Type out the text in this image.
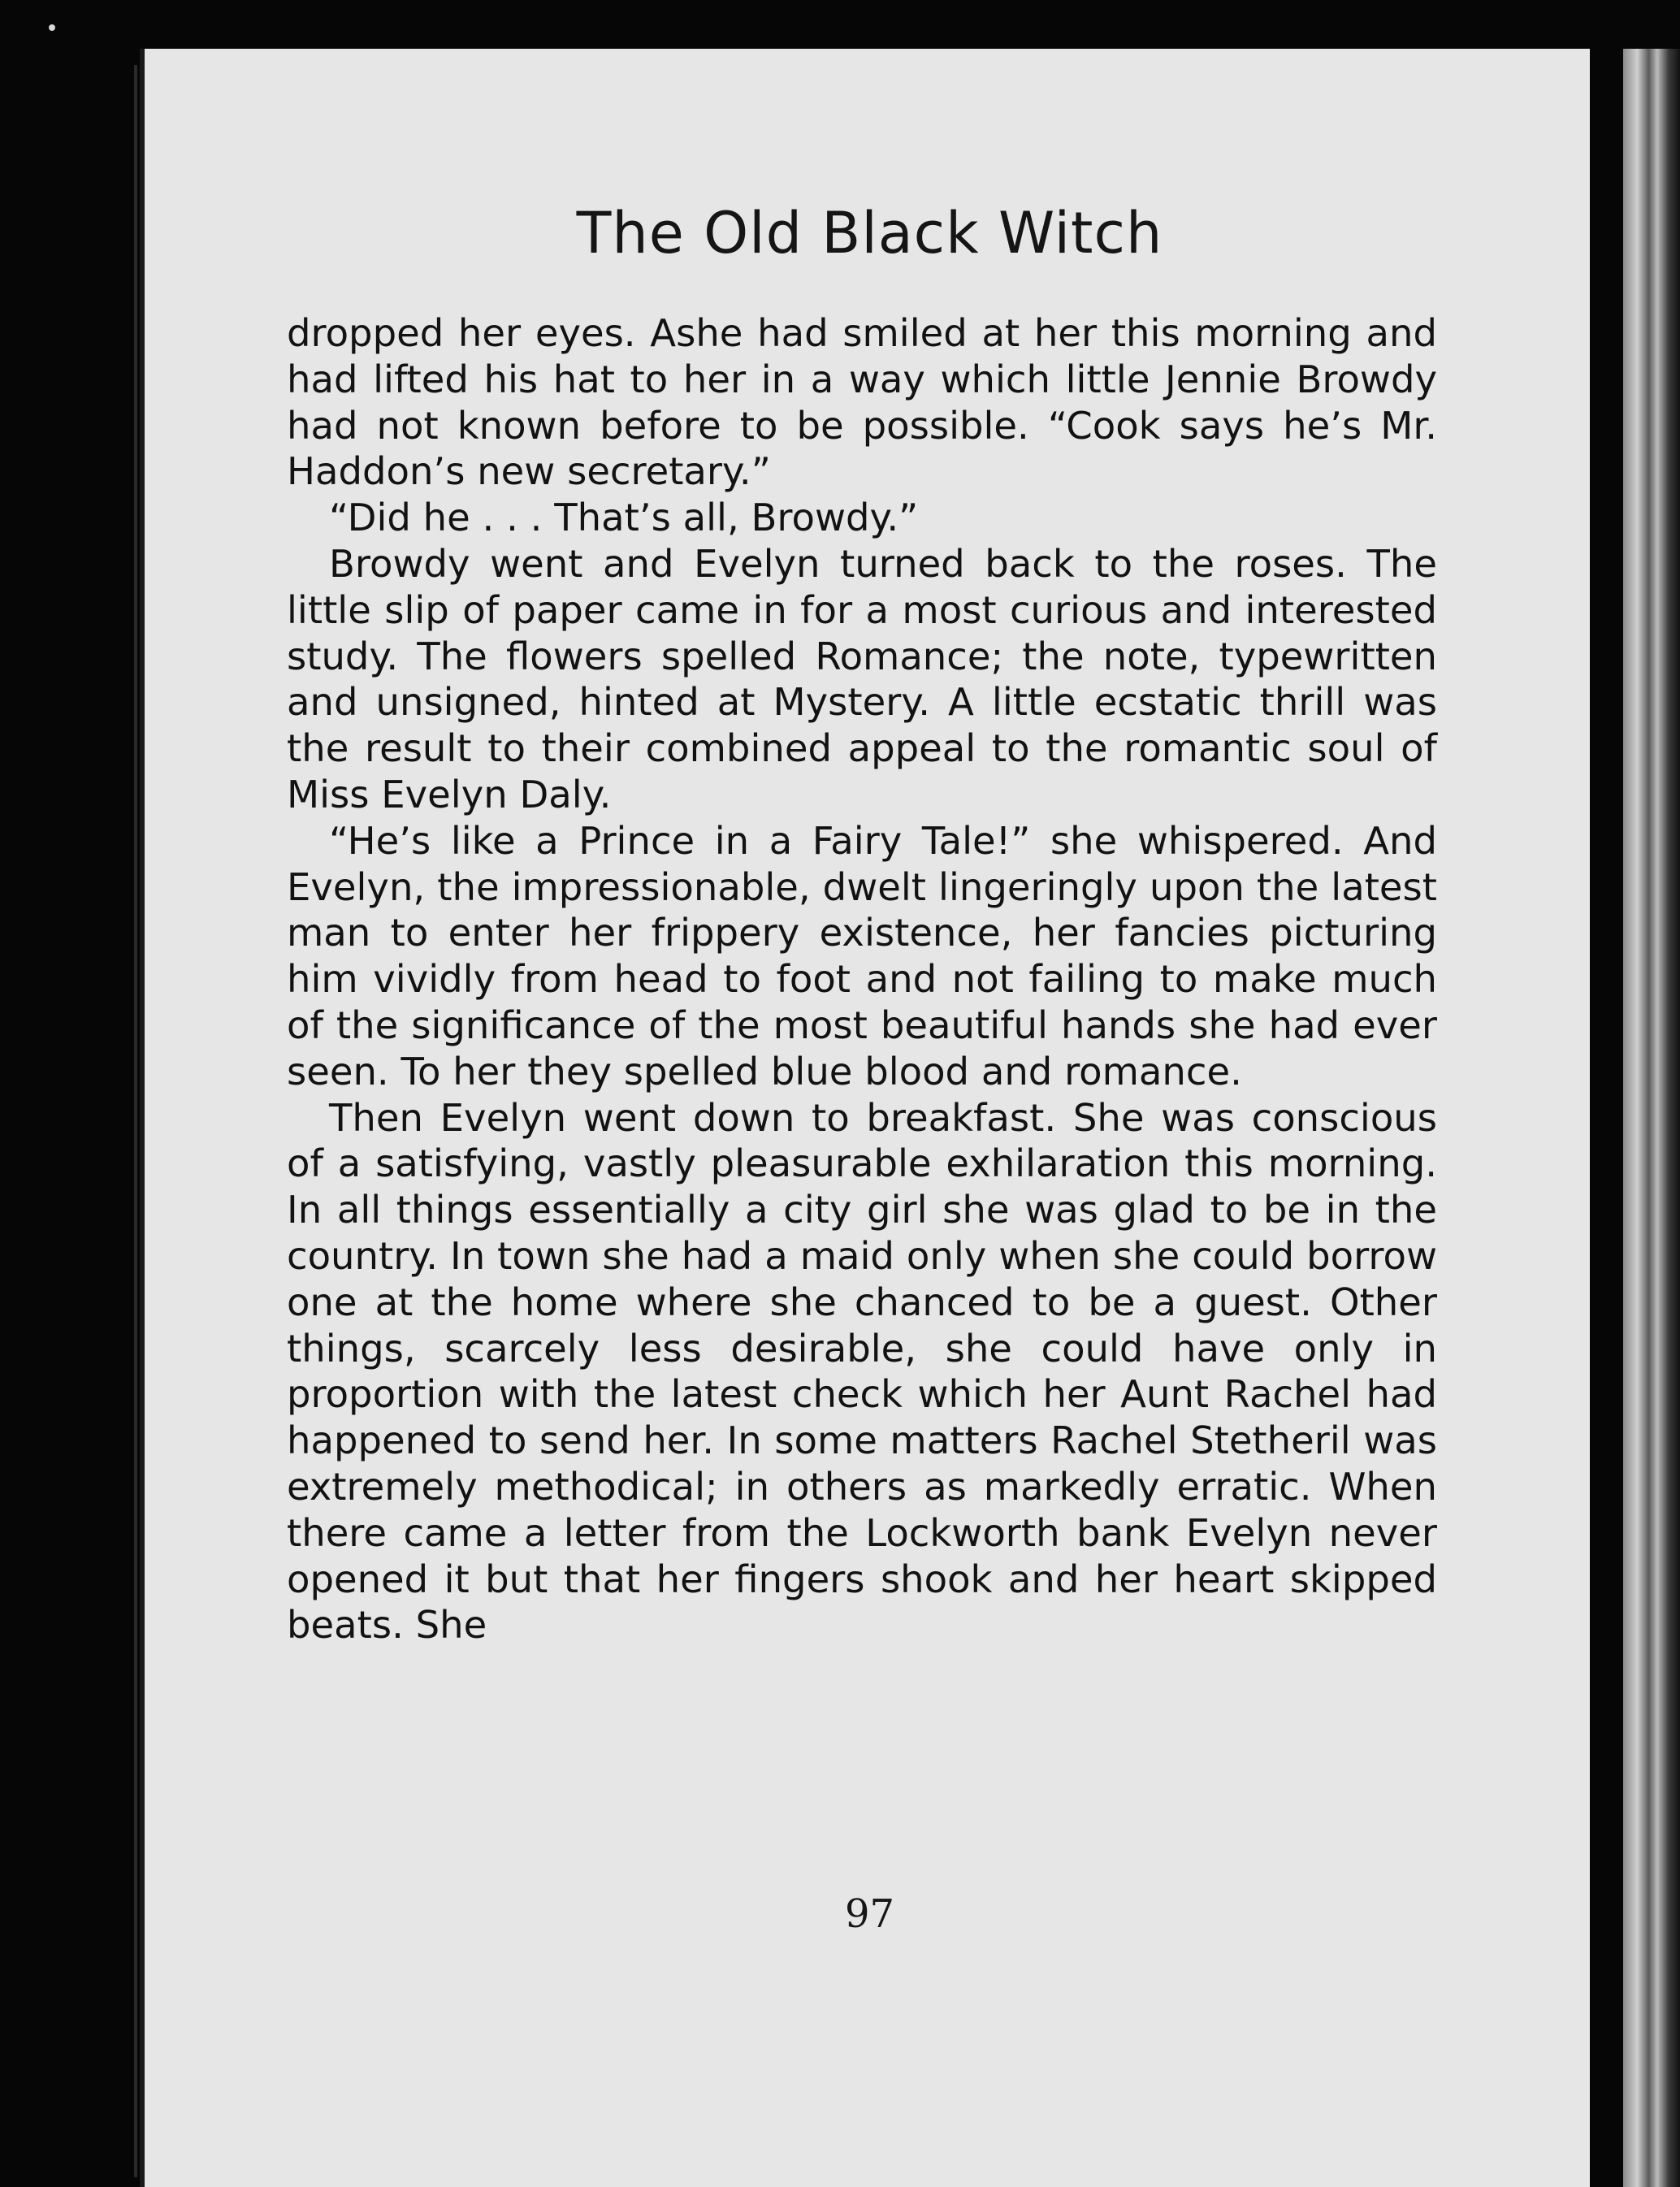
The Old Black Witch

dropped her eyes. Ashe had smiled at her this morning and had lifted his hat to her in a way which little Jennie Browdy had not known before to be possible. “Cook says he’s Mr. Haddon’s new secretary.”

“Did he . . . That’s all, Browdy.”

Browdy went and Evelyn turned back to the roses. The little slip of paper came in for a most curious and interested study. The flowers spelled Romance; the note, typewritten and unsigned, hinted at Mystery. A little ecstatic thrill was the result to their combined appeal to the romantic soul of Miss Evelyn Daly.

“He’s like a Prince in a Fairy Tale!” she whispered. And Evelyn, the impressionable, dwelt lingeringly upon the latest man to enter her frippery existence, her fancies picturing him vividly from head to foot and not failing to make much of the significance of the most beautiful hands she had ever seen. To her they spelled blue blood and romance.

Then Evelyn went down to breakfast. She was conscious of a satisfying, vastly pleasurable exhilaration this morning. In all things essentially a city girl she was glad to be in the country. In town she had a maid only when she could borrow one at the home where she chanced to be a guest. Other things, scarcely less desirable, she could have only in proportion with the latest check which her Aunt Rachel had happened to send her. In some matters Rachel Stetheril was extremely methodical; in others as markedly erratic. When there came a letter from the Lockworth bank Evelyn never opened it but that her fingers shook and her heart skipped beats. She

97
